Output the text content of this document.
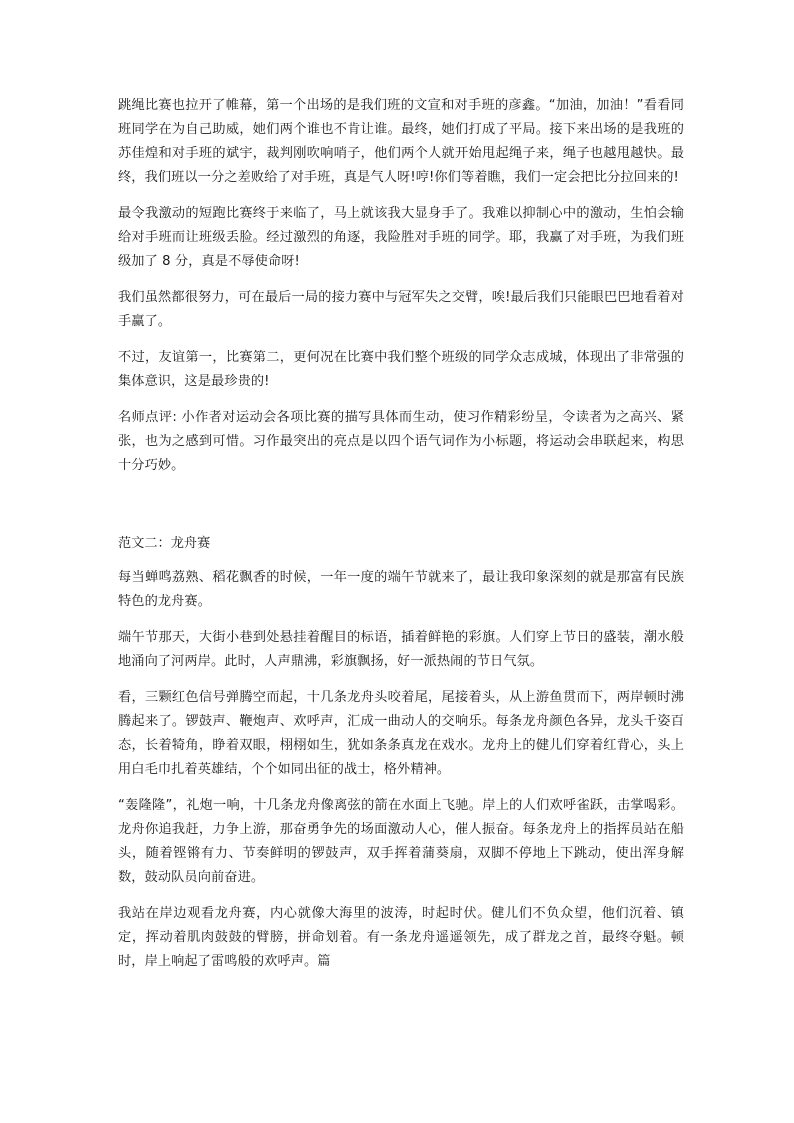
跳绳比赛也拉开了帷幕，第一个出场的是我们班的文宣和对手班的彦鑫。“加油，加油！”看看同班同学在为自己助威，她们两个谁也不肯让谁。最终，她们打成了平局。接下来出场的是我班的苏佳煌和对手班的斌宇，裁判刚吹响哨子，他们两个人就开始甩起绳子来，绳子也越甩越快。最终，我们班以一分之差败给了对手班，真是气人呀!哼!你们等着瞧，我们一定会把比分拉回来的!

最令我激动的短跑比赛终于来临了，马上就该我大显身手了。我难以抑制心中的激动，生怕会输给对手班而让班级丢脸。经过激烈的角逐，我险胜对手班的同学。耶，我赢了对手班，为我们班级加了 8 分，真是不辱使命呀!

我们虽然都很努力，可在最后一局的接力赛中与冠军失之交臂，唉!最后我们只能眼巴巴地看着对手赢了。

不过，友谊第一，比赛第二，更何况在比赛中我们整个班级的同学众志成城，体现出了非常强的集体意识，这是最珍贵的!

名师点评: 小作者对运动会各项比赛的描写具体而生动，使习作精彩纷呈，令读者为之高兴、紧张，也为之感到可惜。习作最突出的亮点是以四个语气词作为小标题，将运动会串联起来，构思十分巧妙。

范文二：龙舟赛

每当蝉鸣荔熟、稻花飘香的时候，一年一度的端午节就来了，最让我印象深刻的就是那富有民族特色的龙舟赛。

端午节那天，大街小巷到处悬挂着醒目的标语，插着鲜艳的彩旗。人们穿上节日的盛装，潮水般地涌向了河两岸。此时，人声鼎沸，彩旗飘扬，好一派热闹的节日气氛。

看，三颗红色信号弹腾空而起，十几条龙舟头咬着尾，尾接着头，从上游鱼贯而下，两岸顿时沸腾起来了。锣鼓声、鞭炮声、欢呼声，汇成一曲动人的交响乐。每条龙舟颜色各异，龙头千姿百态，长着犄角，睁着双眼，栩栩如生，犹如条条真龙在戏水。龙舟上的健儿们穿着红背心，头上用白毛巾扎着英雄结，个个如同出征的战士，格外精神。

“轰隆隆”，礼炮一响，十几条龙舟像离弦的箭在水面上飞驰。岸上的人们欢呼雀跃，击掌喝彩。龙舟你追我赶，力争上游，那奋勇争先的场面激动人心，催人振奋。每条龙舟上的指挥员站在船头，随着铿锵有力、节奏鲜明的锣鼓声，双手挥着蒲葵扇，双脚不停地上下跳动，使出浑身解数，鼓动队员向前奋进。

我站在岸边观看龙舟赛，内心就像大海里的波涛，时起时伏。健儿们不负众望，他们沉着、镇定，挥动着肌肉鼓鼓的臂膀，拼命划着。有一条龙舟遥遥领先，成了群龙之首，最终夺魁。顿时，岸上响起了雷鸣般的欢呼声。篇
